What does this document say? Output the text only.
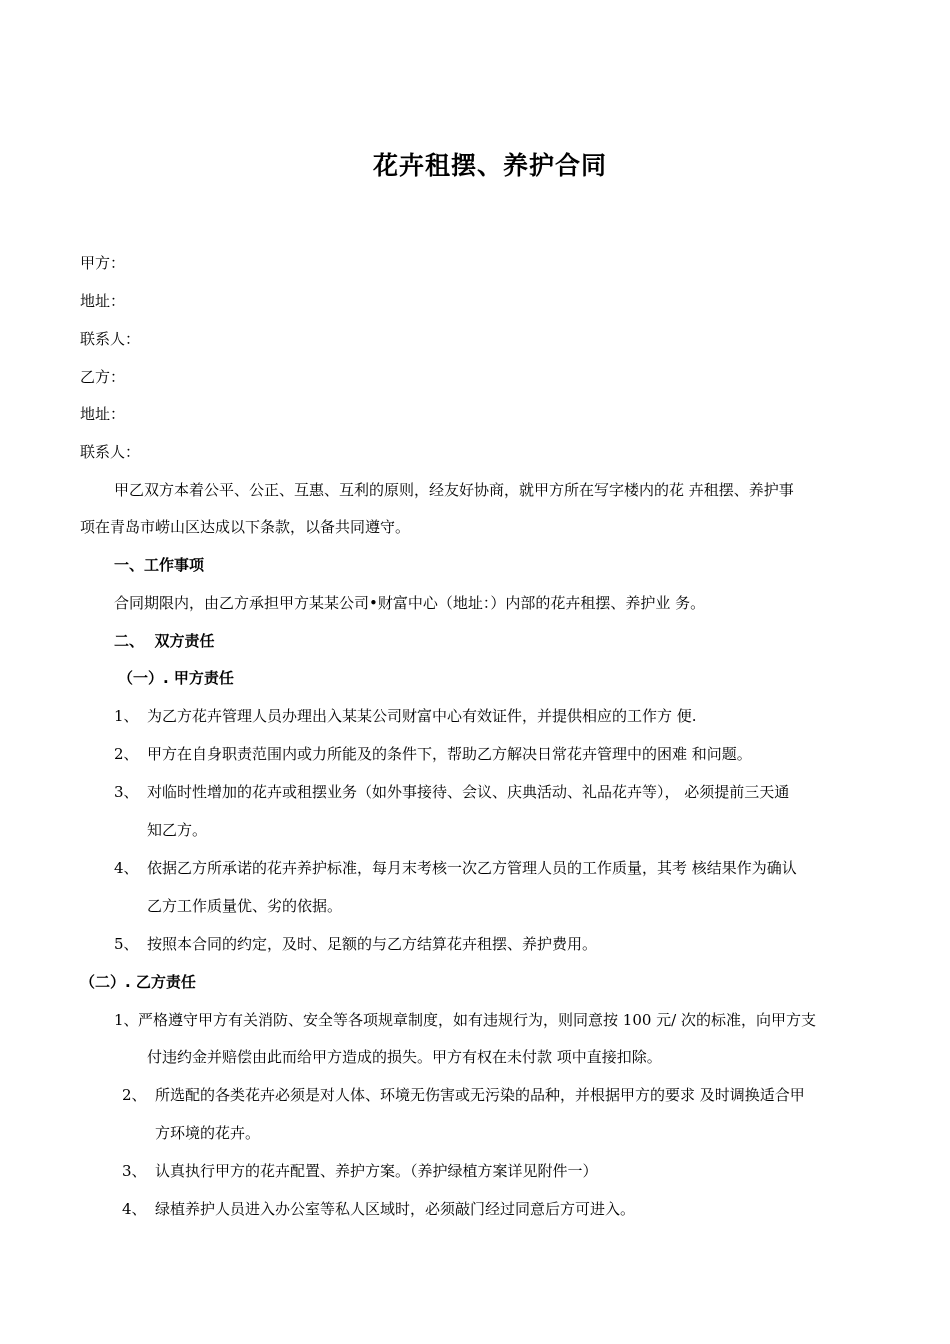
花卉租摆、养护合同
甲方：
地址：
联系人：
乙方：
地址：
联系人：
甲乙双方本着公平、公正、互惠、互利的原则，经友好协商，就甲方所在写字楼内的花 卉租摆、养护事
项在青岛市崂山区达成以下条款，以备共同遵守。
一、工作事项
合同期限内，由乙方承担甲方某某公司•财富中心（地址：）内部的花卉租摆、养护业 务。
二、  双方责任
（一）. 甲方责任
1、 为乙方花卉管理人员办理出入某某公司财富中心有效证件，并提供相应的工作方 便.
2、 甲方在自身职责范围内或力所能及的条件下，帮助乙方解决日常花卉管理中的困难 和问题。
3、 对临时性增加的花卉或租摆业务（如外事接待、会议、庆典活动、礼品花卉等）， 必须提前三天通
知乙方。
4、 依据乙方所承诺的花卉养护标准，每月末考核一次乙方管理人员的工作质量，其考 核结果作为确认
乙方工作质量优、劣的依据。
5、 按照本合同的约定，及时、足额的与乙方结算花卉租摆、养护费用。
（二）. 乙方责任
1、 严格遵守甲方有关消防、安全等各项规章制度，如有违规行为，则同意按 100 元/ 次的标准，向甲方支
付违约金并赔偿由此而给甲方造成的损失。甲方有权在未付款 项中直接扣除。
2、 所选配的各类花卉必须是对人体、环境无伤害或无污染的品种，并根据甲方的要求 及时调换适合甲
方环境的花卉。
3、 认真执行甲方的花卉配置、养护方案。（养护绿植方案详见附件一）
4、 绿植养护人员进入办公室等私人区域时，必须敲门经过同意后方可进入。
